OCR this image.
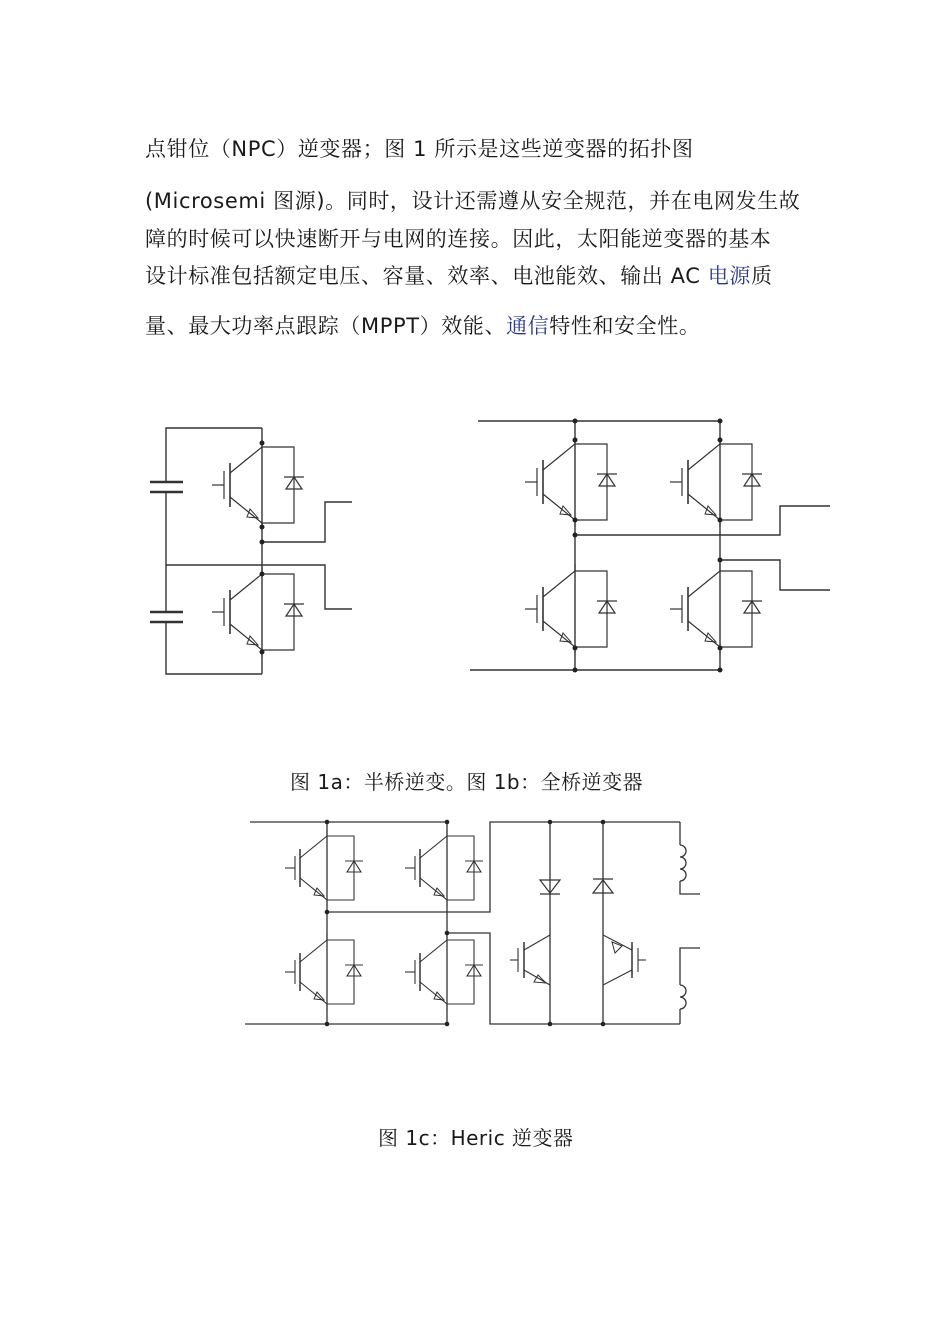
点钳位（NPC）逆变器；图 1 所示是这些逆变器的拓扑图
(Microsemi 图源)。同时，设计还需遵从安全规范，并在电网发生故
障的时候可以快速断开与电网的连接。因此，太阳能逆变器的基本
设计标准包括额定电压、容量、效率、电池能效、输出 AC 电源质
量、最大功率点跟踪（MPPT）效能、通信特性和安全性。
图 1a：半桥逆变。图 1b：全桥逆变器
图 1c：Heric 逆变器
